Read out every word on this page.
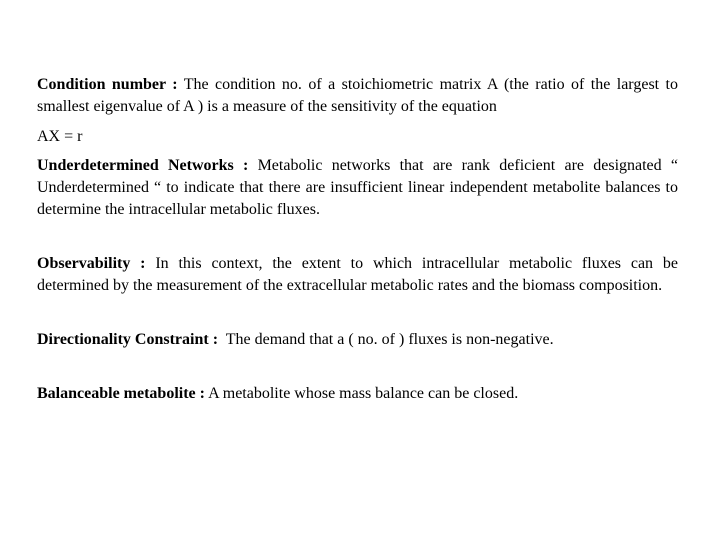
Condition number : The condition no. of a stoichiometric matrix A (the ratio of the largest to smallest eigenvalue of A ) is a measure of the sensitivity of the equation

AX = r

Underdetermined Networks : Metabolic networks that are rank deficient are designated “ Underdetermined “ to indicate that there are insufficient linear independent metabolite balances to determine the intracellular metabolic fluxes.

Observability : In this context, the extent to which intracellular metabolic fluxes can be determined by the measurement of the extracellular metabolic rates and the biomass composition.

Directionality Constraint :  The demand that a ( no. of ) fluxes is non-negative.

Balanceable metabolite : A metabolite whose mass balance can be closed.
